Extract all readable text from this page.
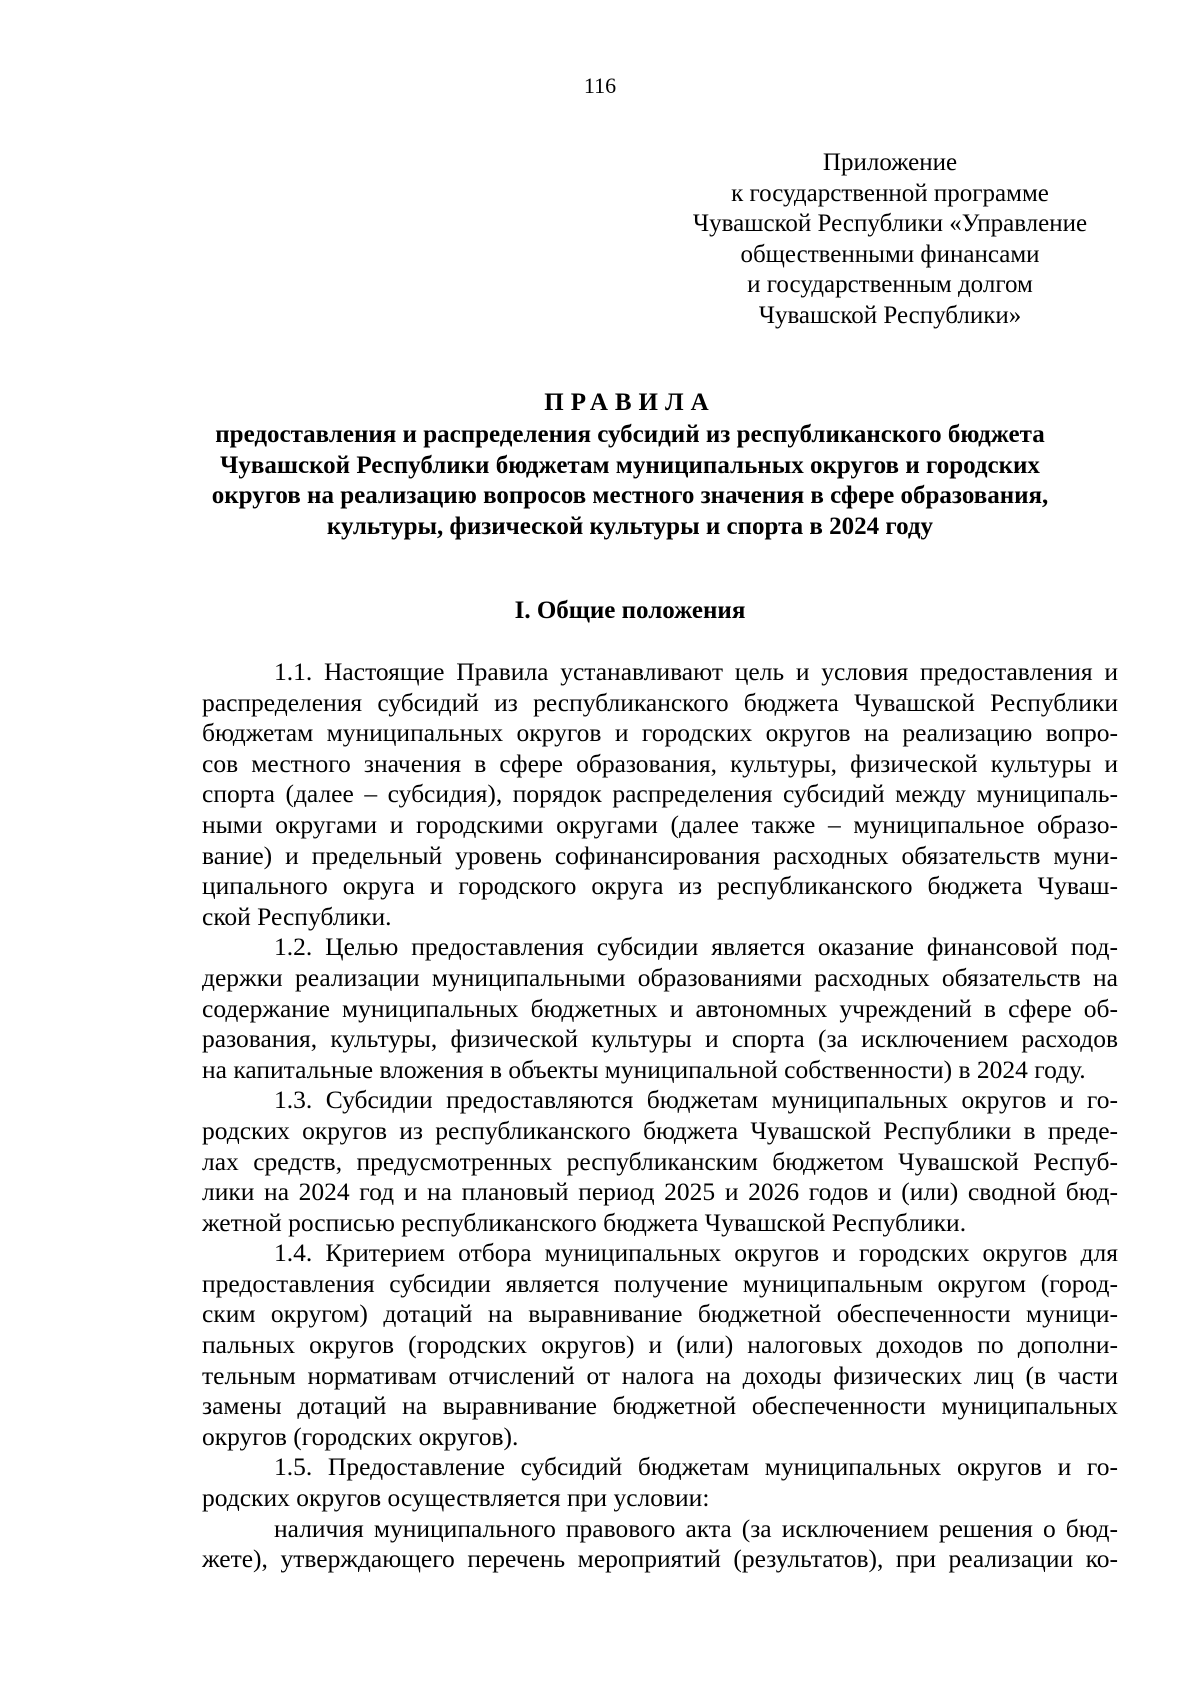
116
Приложение
к государственной программе
Чувашской Республики «Управление
общественными финансами
и государственным долгом
Чувашской Республики»
ПРАВИЛА
предоставления и распределения субсидий из республиканского бюджета
Чувашской Республики бюджетам муниципальных округов и городских
округов на реализацию вопросов местного значения в сфере образования,
культуры, физической культуры и спорта в 2024 году
I. Общие положения
1.1. Настоящие Правила устанавливают цель и условия предоставления и
распределения субсидий из республиканского бюджета Чувашской Республики
бюджетам муниципальных округов и городских округов на реализацию вопро-
сов местного значения в сфере образования, культуры, физической культуры и
спорта (далее – субсидия), порядок распределения субсидий между муниципаль-
ными округами и городскими округами (далее также – муниципальное образо-
вание) и предельный уровень софинансирования расходных обязательств муни-
ципального округа и городского округа из республиканского бюджета Чуваш-
ской Республики.
1.2. Целью предоставления субсидии является оказание финансовой под-
держки реализации муниципальными образованиями расходных обязательств на
содержание муниципальных бюджетных и автономных учреждений в сфере об-
разования, культуры, физической культуры и спорта (за исключением расходов
на капитальные вложения в объекты муниципальной собственности) в 2024 году.
1.3. Субсидии предоставляются бюджетам муниципальных округов и го-
родских округов из республиканского бюджета Чувашской Республики в преде-
лах средств, предусмотренных республиканским бюджетом Чувашской Респуб-
лики на 2024 год и на плановый период 2025 и 2026 годов и (или) сводной бюд-
жетной росписью республиканского бюджета Чувашской Республики.
1.4. Критерием отбора муниципальных округов и городских округов для
предоставления субсидии является получение муниципальным округом (город-
ским округом) дотаций на выравнивание бюджетной обеспеченности муници-
пальных округов (городских округов) и (или) налоговых доходов по дополни-
тельным нормативам отчислений от налога на доходы физических лиц (в части
замены дотаций на выравнивание бюджетной обеспеченности муниципальных
округов (городских округов).
1.5. Предоставление субсидий бюджетам муниципальных округов и го-
родских округов осуществляется при условии:
наличия муниципального правового акта (за исключением решения о бюд-
жете), утверждающего перечень мероприятий (результатов), при реализации ко-
